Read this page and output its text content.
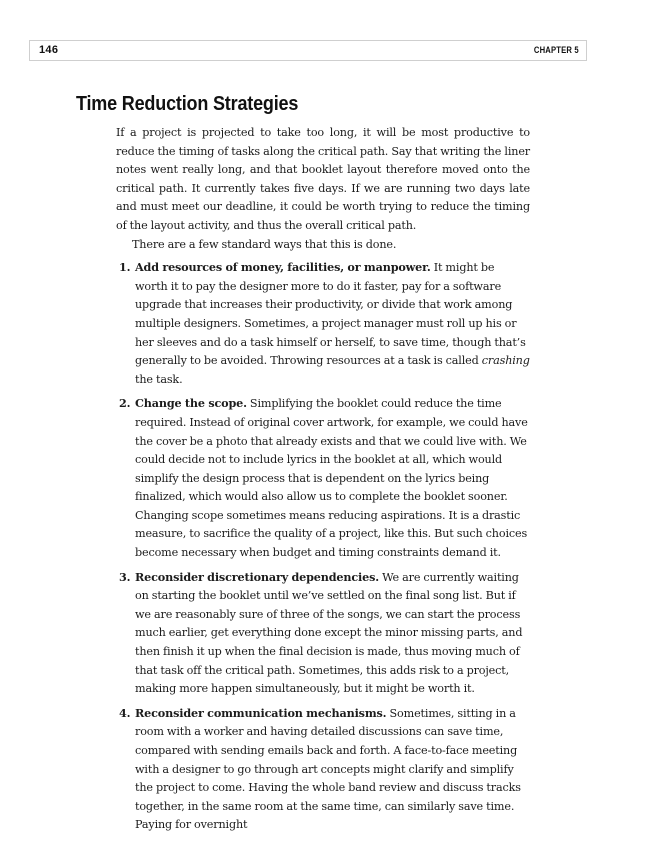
146	CHAPTER 5
Time Reduction Strategies

If a project is projected to take too long, it will be most productive to reduce the timing of tasks along the critical path. Say that writing the liner notes went really long, and that booklet layout therefore moved onto the critical path. It currently takes five days. If we are running two days late and must meet our deadline, it could be worth trying to reduce the timing of the layout activity, and thus the overall critical path.

There are a few standard ways that this is done.

1. Add resources of money, facilities, or manpower. It might be worth it to pay the designer more to do it faster, pay for a software upgrade that increases their productivity, or divide that work among multiple designers. Sometimes, a project manager must roll up his or her sleeves and do a task himself or herself, to save time, though that’s generally to be avoided. Throwing resources at a task is called crashing the task.
2. Change the scope. Simplifying the booklet could reduce the time required. Instead of original cover artwork, for example, we could have the cover be a photo that already exists and that we could live with. We could decide not to include lyrics in the booklet at all, which would simplify the design process that is dependent on the lyrics being finalized, which would also allow us to complete the booklet sooner. Changing scope sometimes means reducing aspirations. It is a drastic measure, to sacrifice the quality of a project, like this. But such choices become necessary when budget and timing constraints demand it.
3. Reconsider discretionary dependencies. We are currently waiting on starting the booklet until we’ve settled on the final song list. But if we are reasonably sure of three of the songs, we can start the process much earlier, get everything done except the minor missing parts, and then finish it up when the final decision is made, thus moving much of that task off the critical path. Sometimes, this adds risk to a project, making more happen simultaneously, but it might be worth it.
4. Reconsider communication mechanisms. Sometimes, sitting in a room with a worker and having detailed discussions can save time, compared with sending emails back and forth. A face-to-face meeting with a designer to go through art concepts might clarify and simplify the project to come. Having the whole band review and discuss tracks together, in the same room at the same time, can similarly save time. Paying for overnight
